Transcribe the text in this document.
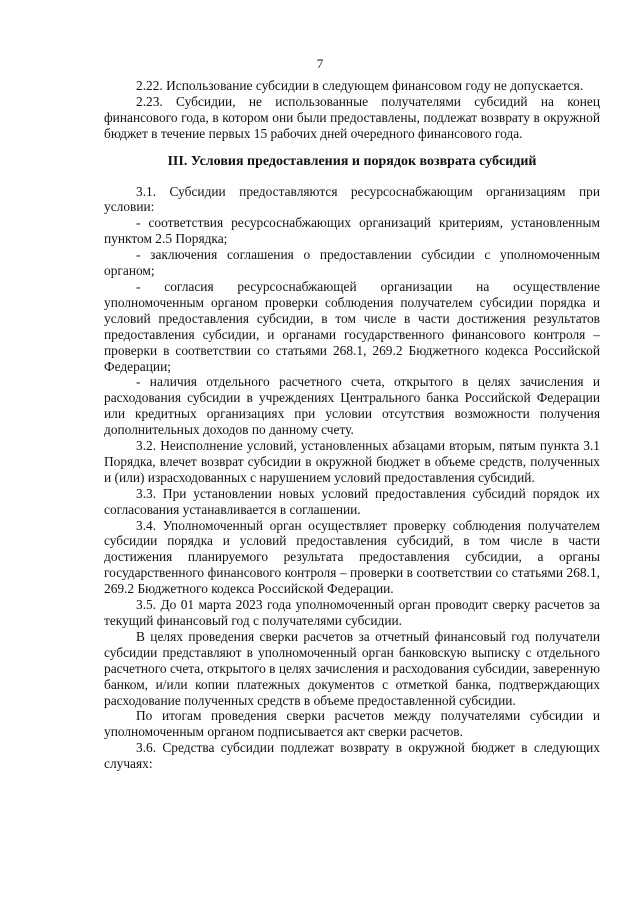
7

2.22. Использование субсидии в следующем финансовом году не допускается.

2.23. Субсидии, не использованные получателями субсидий на конец финансового года, в котором они были предоставлены, подлежат возврату в окружной бюджет в течение первых 15 рабочих дней очередного финансового года.

III. Условия предоставления и порядок возврата субсидий

3.1. Субсидии предоставляются ресурсоснабжающим организациям при условии:

- соответствия ресурсоснабжающих организаций критериям, установленным пунктом 2.5 Порядка;

- заключения соглашения о предоставлении субсидии с уполномоченным органом;

- согласия ресурсоснабжающей организации на осуществление уполномоченным органом проверки соблюдения получателем субсидии порядка и условий предоставления субсидии, в том числе в части достижения результатов предоставления субсидии, и органами государственного финансового контроля – проверки в соответствии со статьями 268.1, 269.2 Бюджетного кодекса Российской Федерации;

- наличия отдельного расчетного счета, открытого в целях зачисления и расходования субсидии в учреждениях Центрального банка Российской Федерации или кредитных организациях при условии отсутствия возможности получения дополнительных доходов по данному счету.

3.2. Неисполнение условий, установленных абзацами вторым, пятым пункта 3.1 Порядка, влечет возврат субсидии в окружной бюджет в объеме средств, полученных и (или) израсходованных с нарушением условий предоставления субсидий.

3.3. При установлении новых условий предоставления субсидий порядок их согласования устанавливается в соглашении.

3.4. Уполномоченный орган осуществляет проверку соблюдения получателем субсидии порядка и условий предоставления субсидий, в том числе в части достижения планируемого результата предоставления субсидии, а органы государственного финансового контроля – проверки в соответствии со статьями 268.1, 269.2 Бюджетного кодекса Российской Федерации.

3.5. До 01 марта 2023 года уполномоченный орган проводит сверку расчетов за текущий финансовый год с получателями субсидии.

В целях проведения сверки расчетов за отчетный финансовый год получатели субсидии представляют в уполномоченный орган банковскую выписку с отдельного расчетного счета, открытого в целях зачисления и расходования субсидии, заверенную банком, и/или копии платежных документов с отметкой банка, подтверждающих расходование полученных средств в объеме предоставленной субсидии.

По итогам проведения сверки расчетов между получателями субсидии и уполномоченным органом подписывается акт сверки расчетов.

3.6. Средства субсидии подлежат возврату в окружной бюджет в следующих случаях:
